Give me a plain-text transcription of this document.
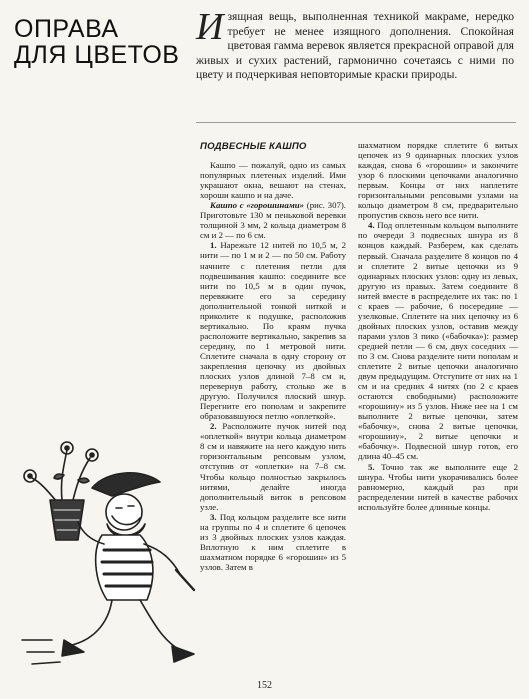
ОПРАВА
ДЛЯ ЦВЕТОВ
Изящная вещь, выполненная техникой макраме, нередко требует не менее изящного дополнения. Спокойная цветовая гамма веревок является прекрасной оправой для живых и сухих растений, гармонично сочетаясь с ними по цвету и подчеркивая неповторимые краски природы.
ПОДВЕСНЫЕ КАШПО

Кашпо — пожалуй, одно из самых популярных плетеных изделий. Ими украшают окна, вешают на стенах, хороши кашпо и на даче.

Кашпо с «горошинами» (рис. 307). Приготовьте 130 м пеньковой веревки толщиной 3 мм, 2 кольца диаметром 8 см и 2 — по 6 см.

1. Нарежьте 12 нитей по 10,5 м, 2 нити — по 1 м и 2 — по 50 см. Работу начните с плетения петли для подвешивания кашпо: соедините все нити по 10,5 м в один пучок, перевяжите его за середину дополнительной тонкой ниткой и приколите к подушке, расположив вертикально. По краям пучка расположите вертикально, закрепив за середину, по 1 метровой нити. Сплетите сначала в одну сторону от закрепления цепочку из двойных плоских узлов длиной 7–8 см и, перевернув работу, столько же в другую. Получился плоский шнур. Перегните его пополам и закрепите образовавшуюся петлю «оплеткой».

2. Расположите пучок нитей под «оплеткой» внутри кольца диаметром 8 см и навяжите на него каждую нить горизонтальным репсовым узлом, отступив от «оплетки» на 7–8 см. Чтобы кольцо полностью закрылось нитями, делайте иногда дополнительный виток в репсовом узле.

3. Под кольцом разделите все нити на группы по 4 и сплетите 6 цепочек из 3 двойных плоских узлов каждая. Вплотную к ним сплетите в шахматном порядке 6 «горошин» из 5 узлов. Затем в

шахматном порядке сплетите 6 витых цепочек из 9 одинарных плоских узлов каждая, снова 6 «горошин» и закончите узор 6 плоскими цепочками аналогично первым. Концы от них наплетите горизонтальными репсовыми узлами на кольцо диаметром 8 см, предварительно пропустив сквозь него все нити.

4. Под оплетенным кольцом выполните по очереди 3 подвесных шнура из 8 концов каждый. Разберем, как сделать первый. Сначала разделите 8 концов по 4 и сплетите 2 витые цепочки из 9 одинарных плоских узлов: одну из левых, другую из правых. Затем соедините 8 нитей вместе в распределите их так: по 1 с краев — рабочие, 6 посередине — узелковые. Сплетите на них цепочку из 6 двойных плоских узлов, оставив между парами узлов 3 пико («бабочка»): размер средней петли — 6 см, двух соседних — по 3 см. Снова разделите нити пополам и сплетите 2 витые цепочки аналогично двум предыдущим. Отступите от них на 1 см и на средних 4 нитях (по 2 с краев остаются свободными) расположите «горошину» из 5 узлов. Ниже нее на 1 см выполните 2 витые цепочки, затем «бабочку», снова 2 витые цепочки, «горошину», 2 витые цепочки и «бабочку». Подвесной шнур готов, его длина 40–45 см.

5. Точно так же выполните еще 2 шнура. Чтобы нити укорачивались более равномерно, каждый раз при распределении нитей в качестве рабочих используйте более длинные концы.

152
